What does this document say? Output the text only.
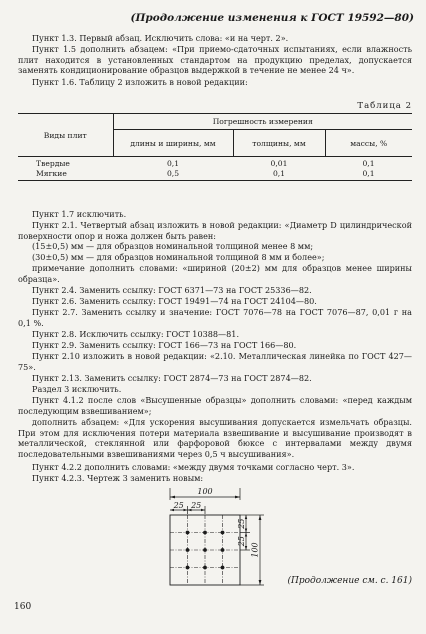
(Продолжение изменения к ГОСТ 19592—80)
Пункт 1.3. Первый абзац. Исключить слова: «и на черт. 2».
Пункт 1.5 дополнить абзацем: «При приемо-сдаточных испытаниях, если влажность плит находится в установленных стандартом на продукцию пределах, допускается заменять кондиционирование образцов выдержкой в течение не менее 24 ч».
Пункт 1.6. Таблицу 2 изложить в новой редакции:
Таблица 2
Виды плит	Погрешность измерения		
	длины и ширины, мм	толщины, мм	массы, %
Твердые	0,1	0,01	0,1
Мягкие	0,5	0,1	0,1
Пункт 1.7 исключить.
Пункт 2.1. Четвертый абзац изложить в новой редакции: «Диаметр D цилиндрической поверхности опор и ножа должен быть равен:
(15±0,5) мм — для образцов номинальной толщиной менее 8 мм;
(30±0,5) мм — для образцов номинальной толщиной 8 мм и более»;
примечание дополнить словами: «шириной (20±2) мм для образцов менее ширины образца».
Пункт 2.4. Заменить ссылку: ГОСТ 6371—73 на ГОСТ 25336—82.
Пункт 2.6. Заменить ссылку: ГОСТ 19491—74 на ГОСТ 24104—80.
Пункт 2.7. Заменить ссылку и значение: ГОСТ 7076—78 на ГОСТ 7076—87, 0,01 г на 0,1 %.
Пункт 2.8. Исключить ссылку: ГОСТ 10388—81.
Пункт 2.9. Заменить ссылку: ГОСТ 166—73 на ГОСТ 166—80.
Пункт 2.10 изложить в новой редакции: «2.10. Металлическая линейка по ГОСТ 427—75».
Пункт 2.13. Заменить ссылку: ГОСТ 2874—73 на ГОСТ 2874—82.
Раздел 3 исключить.
Пункт 4.1.2 после слов «Высушенные образцы» дополнить словами: «перед каждым последующим взвешиванием»;
дополнить абзацем: «Для ускорения высушивания допускается измельчать образцы. При этом для исключения потери материала взвешивание и высушивание производят в металлической, стеклянной или фарфоровой бюксе с интервалами между двумя последовательными взвешиваниями через 0,5 ч высушивания».
Пункт 4.2.2 дополнить словами: «между двумя точками согласно черт. 3».
Пункт 4.2.3. Чертеж 3 заменить новым:
100
25 25
25
25
100
(Продолжение см. с. 161)
160
